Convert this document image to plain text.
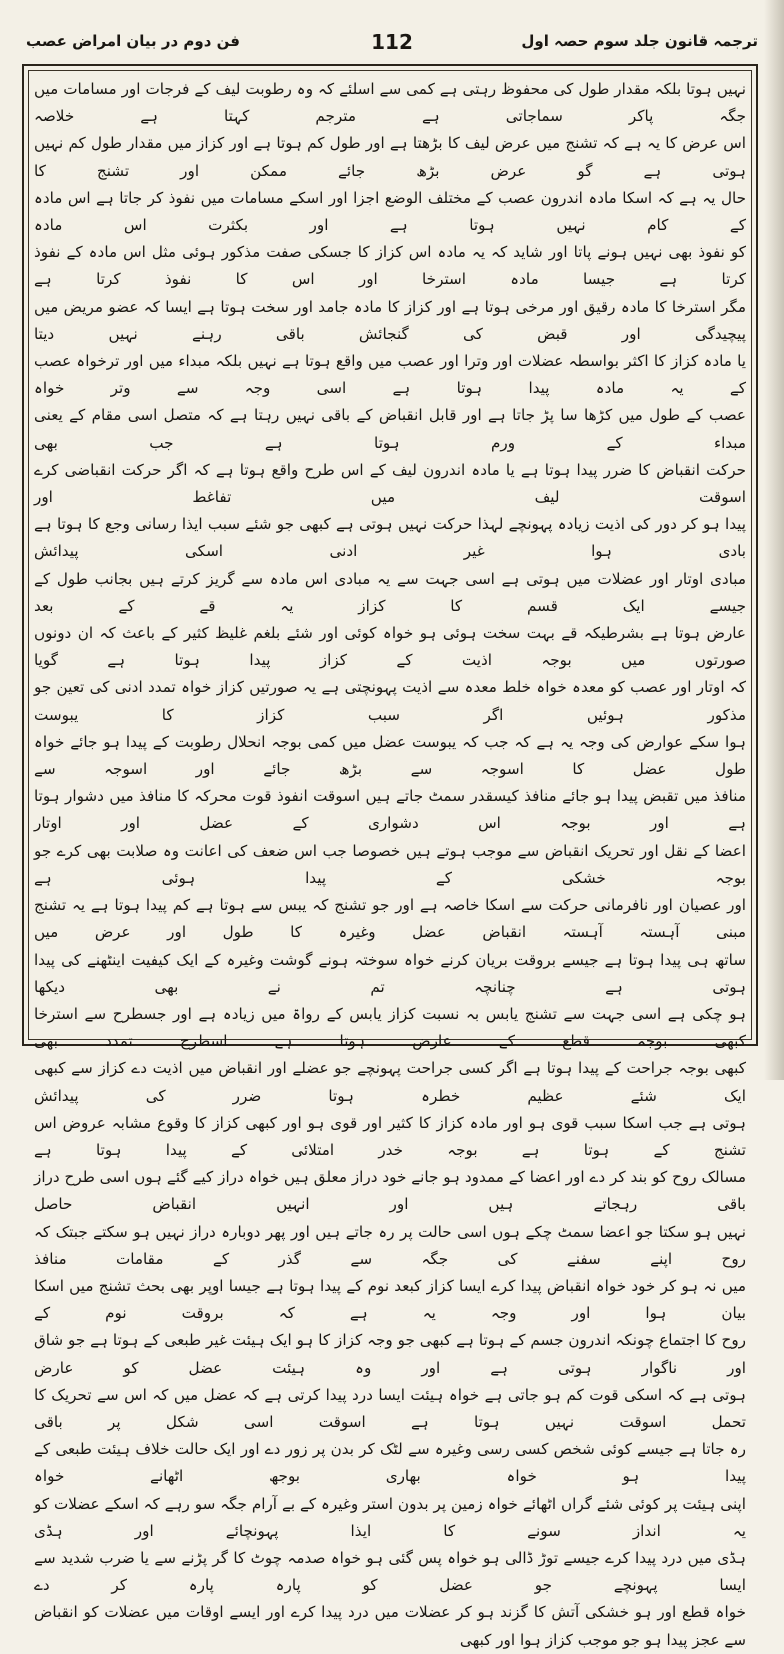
ترجمہ قانون جلد سوم حصہ اول
112
فن دوم در بیان امراض عصب

نہیں ہوتا بلکہ مقدار طول کی محفوظ رہتی ہے کمی سے اسلئے کہ وہ رطوبت لیف کے فرجات اور مسامات میں جگہ پاکر سماجاتی ہے مترجم کہتا ہے خلاصہ

اس عرض کا یہ ہے کہ تشنج میں عرض لیف کا بڑھتا ہے اور طول کم ہوتا ہے اور کزاز میں مقدار طول کم نہیں ہوتی ہے گو عرض بڑھ جائے ممکن اور تشنج کا

حال یہ ہے کہ اسکا مادہ اندرون عصب کے مختلف الوضع اجزا اور اسکے مسامات میں نفوذ کر جاتا ہے اس مادہ کے کام نہیں ہوتا ہے اور بکثرت اس مادہ

کو نفوذ بھی نہیں ہونے پاتا اور شاید کہ یہ مادہ اس کزاز کا جسکی صفت مذکور ہوئی مثل اس مادہ کے نفوذ کرتا ہے جیسا مادہ استرخا اور اس کا نفوذ کرتا ہے

مگر استرخا کا مادہ رقیق اور مرخی ہوتا ہے اور کزاز کا مادہ جامد اور سخت ہوتا ہے ایسا کہ عضو مریض میں پیچیدگی اور قبض کی گنجائش باقی رہنے نہیں دیتا

یا مادہ کزاز کا اکثر بواسطہ عضلات اور وترا اور عصب میں واقع ہوتا ہے نہیں بلکہ مبداء میں اور ترخواہ عصب کے یہ مادہ پیدا ہوتا ہے اسی وجہ سے وتر خواہ

عصب کے طول میں کڑھا سا پڑ جاتا ہے اور قابل انقباض کے باقی نہیں رہتا ہے کہ متصل اسی مقام کے یعنی مبداء کے ورم ہوتا ہے جب بھی

حرکت انقباض کا ضرر پیدا ہوتا ہے یا مادہ اندرون لیف کے اس طرح واقع ہوتا ہے کہ اگر حرکت انقباضی کرے اسوقت لیف میں تفاغط اور

پیدا ہو کر دور کی اذیت زیادہ پہونچے لہذا حرکت نہیں ہوتی ہے کبھی جو شئے سبب ایذا رسانی وجع کا ہوتا ہے بادی ہوا غیر ادنی اسکی پیدائش

مبادی اوتار اور عضلات میں ہوتی ہے اسی جہت سے یہ مبادی اس مادہ سے گریز کرتے ہیں بجانب طول کے جیسے ایک قسم کا کزاز یہ قے کے بعد

عارض ہوتا ہے بشرطیکہ قے بہت سخت ہوئی ہو خواہ کوئی اور شئے بلغم غلیظ کثیر کے باعث کہ ان دونوں صورتوں میں بوجہ اذیت کے کزاز پیدا ہوتا ہے گویا

کہ اوتار اور عصب کو معدہ خواہ خلط معدہ سے اذیت پہونچتی ہے یہ صورتیں کزاز خواہ تمدد ادنی کی تعین جو مذکور ہوئیں اگر سبب کزاز کا یبوست

ہوا سکے عوارض کی وجہ یہ ہے کہ جب کہ یبوست عضل میں کمی بوجہ انحلال رطوبت کے پیدا ہو جائے خواہ طول عضل کا اسوجہ سے بڑھ جائے اور اسوجہ سے

منافذ میں تقبض پیدا ہو جائے منافذ کیسقدر سمٹ جاتے ہیں اسوقت انفوذ قوت محرکہ کا منافذ میں دشوار ہوتا ہے اور بوجہ اس دشواری کے عضل اور اوتار

اعضا کے نقل اور تحریک انقباض سے موجب ہوتے ہیں خصوصا جب اس ضعف کی اعانت وہ صلابت بھی کرے جو بوجہ خشکی کے پیدا ہوئی ہے

اور عصیان اور نافرمانی حرکت سے اسکا خاصہ ہے اور جو تشنج کہ یبس سے ہوتا ہے کم پیدا ہوتا ہے یہ تشنج مبنی آہستہ آہستہ انقباض عضل وغیرہ کا طول اور عرض میں

ساتھ ہی پیدا ہوتا ہے جیسے بروقت بریان کرنے خواہ سوختہ ہونے گوشت وغیرہ کے ایک کیفیت اینٹھنے کی پیدا ہوتی ہے چنانچہ تم نے بھی دیکھا

ہو چکی ہے اسی جہت سے تشنج یابس بہ نسبت کزاز یابس کے رواۃ میں زیادہ ہے اور جسطرح سے استرخا کبھی بوجہ قطع کے عارض ہوتا ہے اسطرح تمدد بھی

کبھی بوجہ جراحت کے پیدا ہوتا ہے اگر کسی جراحت پہونچے جو عضلے اور انقباض میں اذیت دے کزاز سے کبھی ایک شئے عظیم خطرہ ہوتا ضرر کی پیدائش

ہوتی ہے جب اسکا سبب قوی ہو اور مادہ کزاز کا کثیر اور قوی ہو اور کبھی کزاز کا وقوع مشابہ عروض اس تشنج کے ہوتا ہے بوجہ خدر امتلائی کے پیدا ہوتا ہے

مسالک روح کو بند کر دے اور اعضا کے ممدود ہو جانے خود دراز معلق ہیں خواہ دراز کیے گئے ہوں اسی طرح دراز باقی رہجاتے ہیں اور انہیں انقباض حاصل

نہیں ہو سکتا جو اعضا سمٹ چکے ہوں اسی حالت پر رہ جاتے ہیں اور پھر دوبارہ دراز نہیں ہو سکتے جبتک کہ روح اپنے سفنے کی جگہ سے گذر کے مقامات منافذ

میں نہ ہو کر خود خواہ انقباض پیدا کرے ایسا کزاز کبعد نوم کے پیدا ہوتا ہے جیسا اوپر بھی بحث تشنج میں اسکا بیان ہوا اور وجہ یہ ہے کہ بروقت نوم کے

روح کا اجتماع چونکہ اندرون جسم کے ہوتا ہے کبھی جو وجہ کزاز کا ہو ایک ہیئت غیر طبعی کے ہوتا ہے جو شاق اور ناگوار ہوتی ہے اور وہ ہیئت عضل کو عارض

ہوتی ہے کہ اسکی قوت کم ہو جاتی ہے خواہ ہیئت ایسا درد پیدا کرتی ہے کہ عضل میں کہ اس سے تحریک کا تحمل اسوقت نہیں ہوتا ہے اسوقت اسی شکل پر باقی

رہ جاتا ہے جیسے کوئی شخص کسی رسی وغیرہ سے لٹک کر بدن پر زور دے اور ایک حالت خلاف ہیئت طبعی کے پیدا ہو خواہ بھاری بوجھ اٹھانے خواہ

اپنی ہیئت پر کوئی شئے گراں اٹھائے خواہ زمین پر بدون استر وغیرہ کے بے آرام جگہ سو رہے کہ اسکے عضلات کو یہ انداز سونے کا ایذا پہونچائے اور ہڈی

ہڈی میں درد پیدا کرے جیسے توڑ ڈالی ہو خواہ پس گئی ہو خواہ صدمہ چوٹ کا گر پڑنے سے یا ضرب شدید سے ایسا پہونچے جو عضل کو پارہ پارہ کر دے

خواہ قطع اور ہو خشکی آتش کا گزند ہو کر عضلات میں درد پیدا کرے اور ایسے اوقات میں عضلات کو انقباض سے عجز پیدا ہو جو موجب کزاز ہوا اور کبھی
